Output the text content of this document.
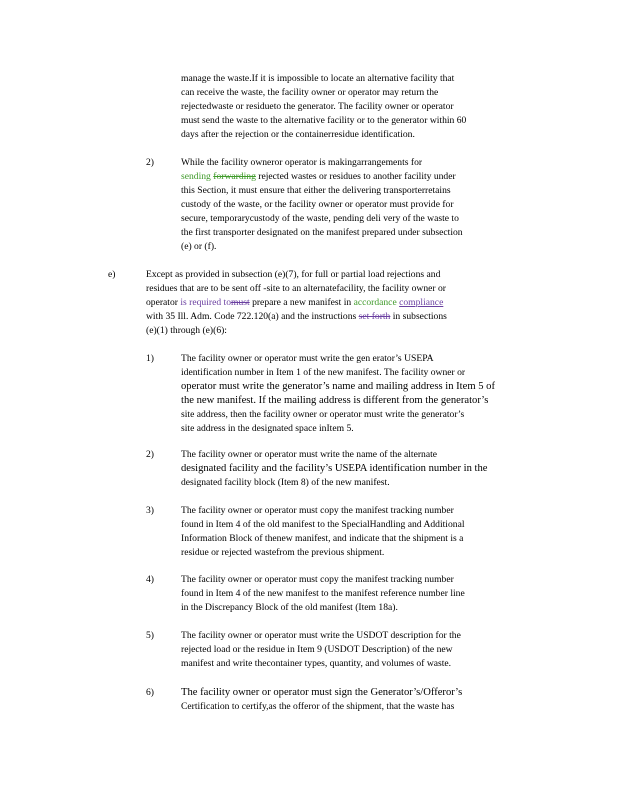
manage the waste.If it is impossible to locate an alternative facility that
can receive the waste, the facility owner or operator may return the
rejectedwaste or residueto the generator. The facility owner or operator
must send the waste to the alternative facility or to the generator within 60
days after the rejection or the containerresidue identification.
2)	While the facility owneror operator is makingarrangements for
sending forwarding rejected wastes or residues to another facility under
this Section, it must ensure that either the delivering transporterretains
custody of the waste, or the facility owner or operator must provide for
secure, temporarycustody of the waste, pending deli very of the waste to
the first transporter designated on the manifest prepared under subsection
(e) or (f).
e)	Except as provided in subsection (e)(7), for full or partial load rejections and
residues that are to be sent off -site to an alternatefacility, the facility owner or
operator is required tomust prepare a new manifest in accordance compliance
with 35 Ill. Adm. Code 722.120(a) and the instructions set forth in subsections
(e)(1) through (e)(6):
1)	The facility owner or operator must write the gen erator’s USEPA
identification number in Item 1 of the new manifest. The facility owner or
operator must write the generator’s name and mailing address in Item 5 of
the new manifest. If the mailing address is different from the generator’s
site address, then the facility owner or operator must write the generator’s
site address in the designated space inItem 5.
2)	The facility owner or operator must write the name of the alternate
designated facility and the facility’s USEPA identification number in the
designated facility block (Item 8) of the new manifest.
3)	The facility owner or operator must copy the manifest tracking number
found in Item 4 of the old manifest to the SpecialHandling and Additional
Information Block of thenew manifest, and indicate that the shipment is a
residue or rejected wastefrom the previous shipment.
4)	The facility owner or operator must copy the manifest tracking number
found in Item 4 of the new manifest to the manifest reference number line
in the Discrepancy Block of the old manifest (Item 18a).
5)	The facility owner or operator must write the USDOT description for the
rejected load or the residue in Item 9 (USDOT Description) of the new
manifest and write thecontainer types, quantity, and volumes of waste.
6)	The facility owner or operator must sign the Generator’s/Offeror’s
Certification to certify,as the offeror of the shipment, that the waste has
